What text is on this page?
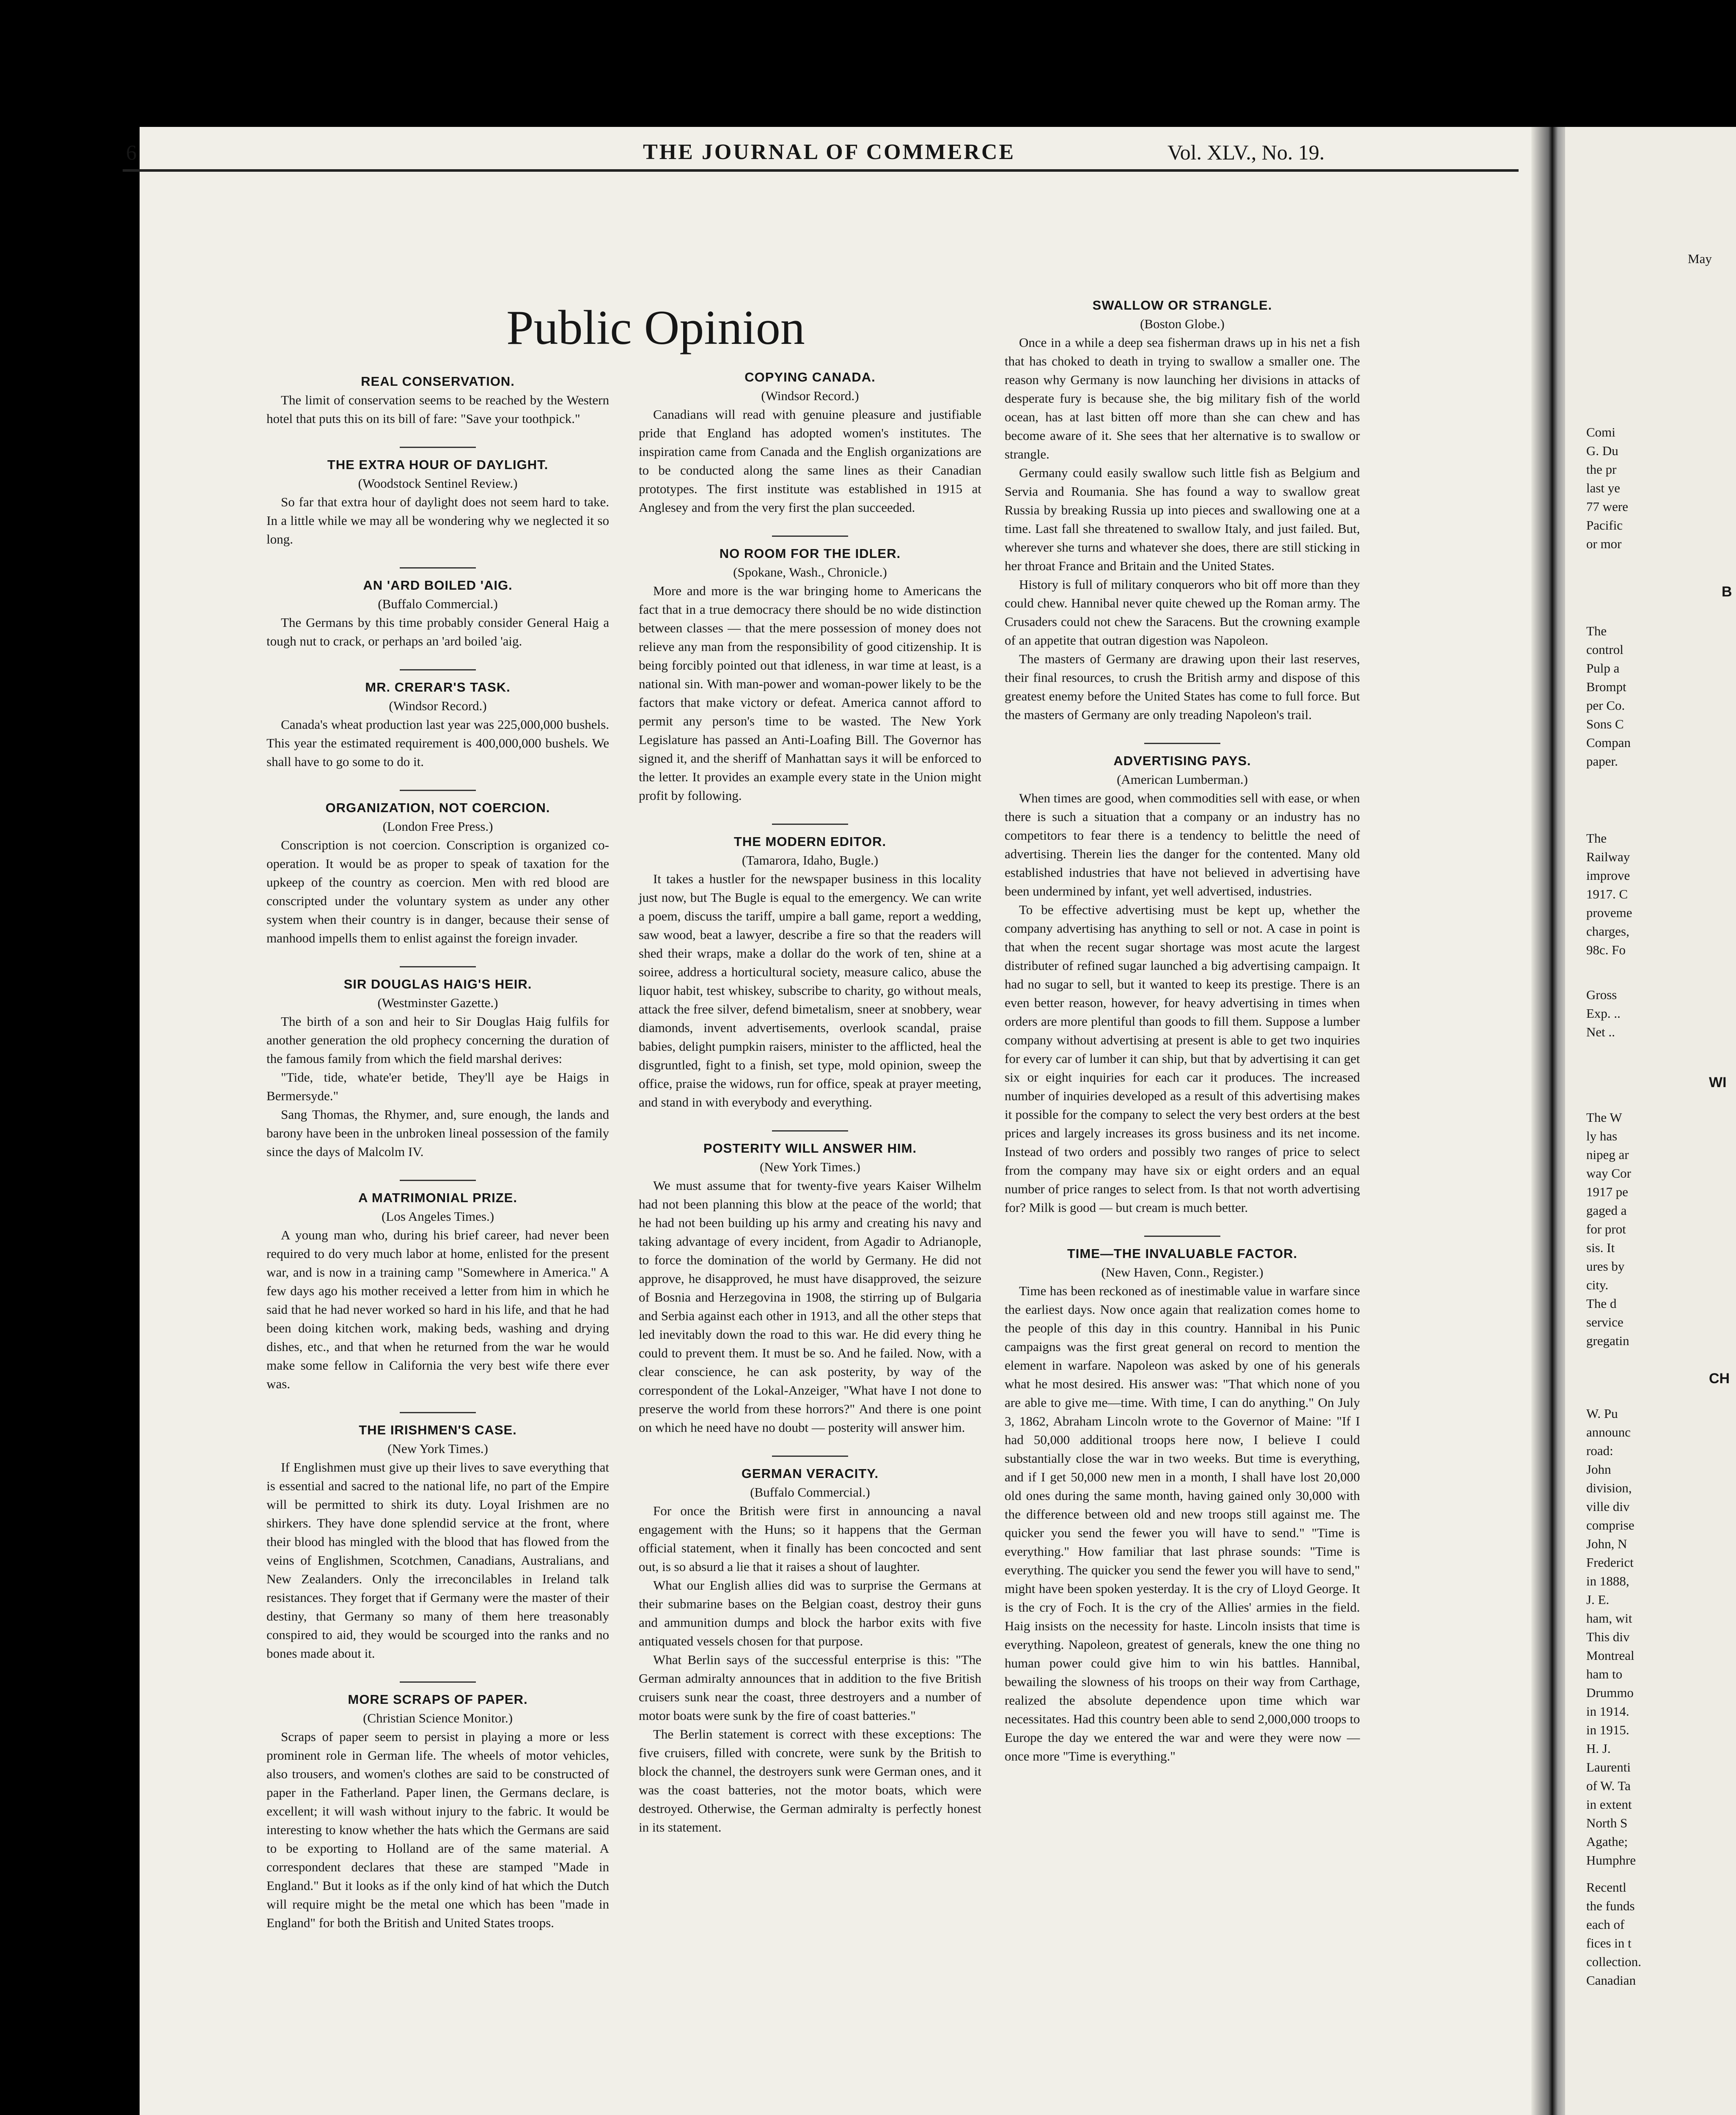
6	THE JOURNAL OF COMMERCE	Vol. XLV., No. 19.
Public Opinion
REAL CONSERVATION.

The limit of conservation seems to be reached by the Western hotel that puts this on its bill of fare: "Save your toothpick."

THE EXTRA HOUR OF DAYLIGHT.
(Woodstock Sentinel Review.)

So far that extra hour of daylight does not seem hard to take. In a little while we may all be wondering why we neglected it so long.

AN 'ARD BOILED 'AIG.
(Buffalo Commercial.)

The Germans by this time probably consider General Haig a tough nut to crack, or perhaps an 'ard boiled 'aig.

MR. CRERAR'S TASK.
(Windsor Record.)

Canada's wheat production last year was 225,000,000 bushels. This year the estimated requirement is 400,000,000 bushels. We shall have to go some to do it.

ORGANIZATION, NOT COERCION.
(London Free Press.)

Conscription is not coercion. Conscription is organized co-operation. It would be as proper to speak of taxation for the upkeep of the country as coercion. Men with red blood are conscripted under the voluntary system as under any other system when their country is in danger, because their sense of manhood impells them to enlist against the foreign invader.

SIR DOUGLAS HAIG'S HEIR.
(Westminster Gazette.)

The birth of a son and heir to Sir Douglas Haig fulfils for another generation the old prophecy concerning the duration of the famous family from which the field marshal derives:

"Tide, tide, whate'er betide, They'll aye be Haigs in Bermersyde."

Sang Thomas, the Rhymer, and, sure enough, the lands and barony have been in the unbroken lineal possession of the family since the days of Malcolm IV.

A MATRIMONIAL PRIZE.
(Los Angeles Times.)

A young man who, during his brief career, had never been required to do very much labor at home, enlisted for the present war, and is now in a training camp "Somewhere in America." A few days ago his mother received a letter from him in which he said that he had never worked so hard in his life, and that he had been doing kitchen work, making beds, washing and drying dishes, etc., and that when he returned from the war he would make some fellow in California the very best wife there ever was.

THE IRISHMEN'S CASE.
(New York Times.)

If Englishmen must give up their lives to save everything that is essential and sacred to the national life, no part of the Empire will be permitted to shirk its duty. Loyal Irishmen are no shirkers. They have done splendid service at the front, where their blood has mingled with the blood that has flowed from the veins of Englishmen, Scotchmen, Canadians, Australians, and New Zealanders. Only the irreconcilables in Ireland talk resistances. They forget that if Germany were the master of their destiny, that Germany so many of them here treasonably conspired to aid, they would be scourged into the ranks and no bones made about it.

MORE SCRAPS OF PAPER.
(Christian Science Monitor.)

Scraps of paper seem to persist in playing a more or less prominent role in German life. The wheels of motor vehicles, also trousers, and women's clothes are said to be constructed of paper in the Fatherland. Paper linen, the Germans declare, is excellent; it will wash without injury to the fabric. It would be interesting to know whether the hats which the Germans are said to be exporting to Holland are of the same material. A correspondent declares that these are stamped "Made in England." But it looks as if the only kind of hat which the Dutch will require might be the metal one which has been "made in England" for both the British and United States troops.

COPYING CANADA.
(Windsor Record.)

Canadians will read with genuine pleasure and justifiable pride that England has adopted women's institutes. The inspiration came from Canada and the English organizations are to be conducted along the same lines as their Canadian prototypes. The first institute was established in 1915 at Anglesey and from the very first the plan succeeded.

NO ROOM FOR THE IDLER.
(Spokane, Wash., Chronicle.)

More and more is the war bringing home to Americans the fact that in a true democracy there should be no wide distinction between classes — that the mere possession of money does not relieve any man from the responsibility of good citizenship. It is being forcibly pointed out that idleness, in war time at least, is a national sin. With man-power and woman-power likely to be the factors that make victory or defeat. America cannot afford to permit any person's time to be wasted. The New York Legislature has passed an Anti-Loafing Bill. The Governor has signed it, and the sheriff of Manhattan says it will be enforced to the letter. It provides an example every state in the Union might profit by following.

THE MODERN EDITOR.
(Tamarora, Idaho, Bugle.)

It takes a hustler for the newspaper business in this locality just now, but The Bugle is equal to the emergency. We can write a poem, discuss the tariff, umpire a ball game, report a wedding, saw wood, beat a lawyer, describe a fire so that the readers will shed their wraps, make a dollar do the work of ten, shine at a soiree, address a horticultural society, measure calico, abuse the liquor habit, test whiskey, subscribe to charity, go without meals, attack the free silver, defend bimetalism, sneer at snobbery, wear diamonds, invent advertisements, overlook scandal, praise babies, delight pumpkin raisers, minister to the afflicted, heal the disgruntled, fight to a finish, set type, mold opinion, sweep the office, praise the widows, run for office, speak at prayer meeting, and stand in with everybody and everything.

POSTERITY WILL ANSWER HIM.
(New York Times.)

We must assume that for twenty-five years Kaiser Wilhelm had not been planning this blow at the peace of the world; that he had not been building up his army and creating his navy and taking advantage of every incident, from Agadir to Adrianople, to force the domination of the world by Germany. He did not approve, he disapproved, he must have disapproved, the seizure of Bosnia and Herzegovina in 1908, the stirring up of Bulgaria and Serbia against each other in 1913, and all the other steps that led inevitably down the road to this war. He did every thing he could to prevent them. It must be so. And he failed. Now, with a clear conscience, he can ask posterity, by way of the correspondent of the Lokal-Anzeiger, "What have I not done to preserve the world from these horrors?" And there is one point on which he need have no doubt — posterity will answer him.

GERMAN VERACITY.
(Buffalo Commercial.)

For once the British were first in announcing a naval engagement with the Huns; so it happens that the German official statement, when it finally has been concocted and sent out, is so absurd a lie that it raises a shout of laughter.

What our English allies did was to surprise the Germans at their submarine bases on the Belgian coast, destroy their guns and ammunition dumps and block the harbor exits with five antiquated vessels chosen for that purpose.

What Berlin says of the successful enterprise is this: "The German admiralty announces that in addition to the five British cruisers sunk near the coast, three destroyers and a number of motor boats were sunk by the fire of coast batteries."

The Berlin statement is correct with these exceptions: The five cruisers, filled with concrete, were sunk by the British to block the channel, the destroyers sunk were German ones, and it was the coast batteries, not the motor boats, which were destroyed. Otherwise, the German admiralty is perfectly honest in its statement.

SWALLOW OR STRANGLE.
(Boston Globe.)

Once in a while a deep sea fisherman draws up in his net a fish that has choked to death in trying to swallow a smaller one. The reason why Germany is now launching her divisions in attacks of desperate fury is because she, the big military fish of the world ocean, has at last bitten off more than she can chew and has become aware of it. She sees that her alternative is to swallow or strangle.

Germany could easily swallow such little fish as Belgium and Servia and Roumania. She has found a way to swallow great Russia by breaking Russia up into pieces and swallowing one at a time. Last fall she threatened to swallow Italy, and just failed. But, wherever she turns and whatever she does, there are still sticking in her throat France and Britain and the United States.

History is full of military conquerors who bit off more than they could chew. Hannibal never quite chewed up the Roman army. The Crusaders could not chew the Saracens. But the crowning example of an appetite that outran digestion was Napoleon.

The masters of Germany are drawing upon their last reserves, their final resources, to crush the British army and dispose of this greatest enemy before the United States has come to full force. But the masters of Germany are only treading Napoleon's trail.

ADVERTISING PAYS.
(American Lumberman.)

When times are good, when commodities sell with ease, or when there is such a situation that a company or an industry has no competitors to fear there is a tendency to belittle the need of advertising. Therein lies the danger for the contented. Many old established industries that have not believed in advertising have been undermined by infant, yet well advertised, industries.

To be effective advertising must be kept up, whether the company advertising has anything to sell or not. A case in point is that when the recent sugar shortage was most acute the largest distributer of refined sugar launched a big advertising campaign. It had no sugar to sell, but it wanted to keep its prestige. There is an even better reason, however, for heavy advertising in times when orders are more plentiful than goods to fill them. Suppose a lumber company without advertising at present is able to get two inquiries for every car of lumber it can ship, but that by advertising it can get six or eight inquiries for each car it produces. The increased number of inquiries developed as a result of this advertising makes it possible for the company to select the very best orders at the best prices and largely increases its gross business and its net income. Instead of two orders and possibly two ranges of price to select from the company may have six or eight orders and an equal number of price ranges to select from. Is that not worth advertising for? Milk is good — but cream is much better.

TIME—THE INVALUABLE FACTOR.
(New Haven, Conn., Register.)

Time has been reckoned as of inestimable value in warfare since the earliest days. Now once again that realization comes home to the people of this day in this country. Hannibal in his Punic campaigns was the first great general on record to mention the element in warfare. Napoleon was asked by one of his generals what he most desired. His answer was: "That which none of you are able to give me—time. With time, I can do anything." On July 3, 1862, Abraham Lincoln wrote to the Governor of Maine: "If I had 50,000 additional troops here now, I believe I could substantially close the war in two weeks. But time is everything, and if I get 50,000 new men in a month, I shall have lost 20,000 old ones during the same month, having gained only 30,000 with the difference between old and new troops still against me. The quicker you send the fewer you will have to send." "Time is everything." How familiar that last phrase sounds: "Time is everything. The quicker you send the fewer you will have to send," might have been spoken yesterday. It is the cry of Lloyd George. It is the cry of Foch. It is the cry of the Allies' armies in the field. Haig insists on the necessity for haste. Lincoln insists that time is everything. Napoleon, greatest of generals, knew the one thing no human power could give him to win his battles. Hannibal, bewailing the slowness of his troops on their way from Carthage, realized the absolute dependence upon time which war necessitates. Had this country been able to send 2,000,000 troops to Europe the day we entered the war and were they were now — once more "Time is everything."

May
Comi
G. Du
the pr
last ye
77 were
Pacific
or mor
B
The
control
Pulp a
Brompt
per Co.
Sons C
Compan
paper.
The
Railway
improve
1917. C
proveme
charges,
98c. Fo
Gross
Exp. ..
Net ..
WI
The W
ly has
nipeg ar
way Cor
1917 pe
gaged a
for prot
sis. It
ures by
city.
The d
service
gregatin
CH
W. Pu
announc
road:
John
division,
ville div
comprise
John, N
Frederict
in 1888,
J. E.
ham, wit
This div
Montreal
ham to
Drummo
in 1914.
in 1915.
H. J.
Laurenti
of W. Ta
in extent
North S
Agathe;
Humphre
Recentl
the funds
each of
fices in t
collection.
Canadian
